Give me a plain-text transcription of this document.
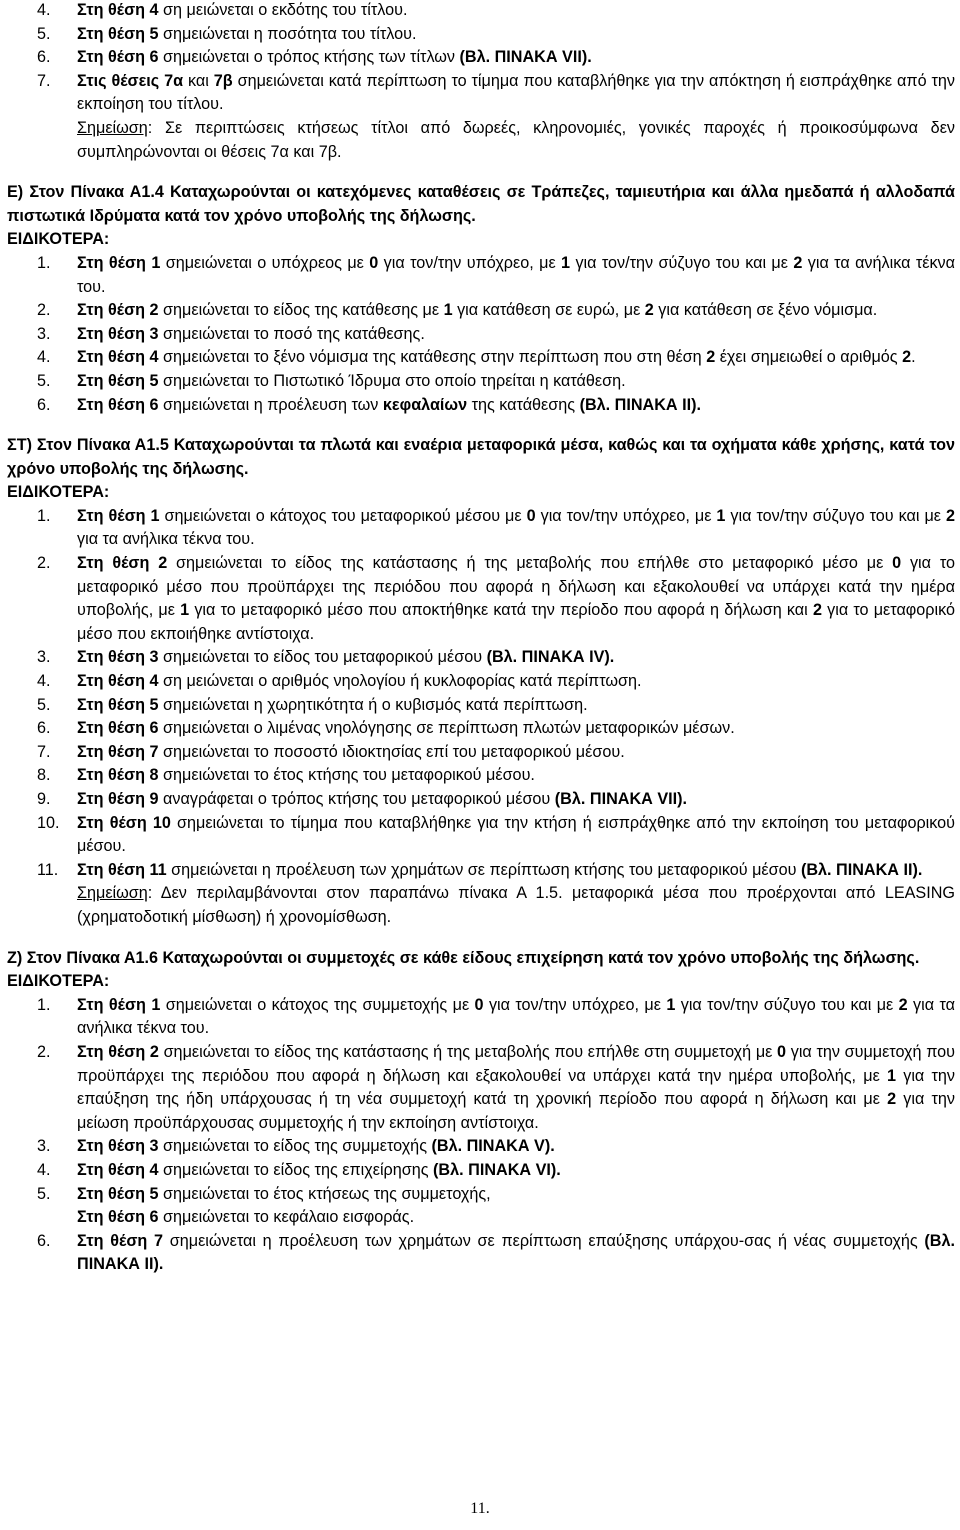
4.	Στη θέση 4 ση μειώνεται ο εκδότης του τίτλου.
5.	Στη θέση 5 σημειώνεται η ποσότητα του τίτλου.
6.	Στη θέση 6 σημειώνεται ο τρόπος κτήσης των τίτλων (Βλ. ΠΙΝΑΚΑ VII).
7.	Στις θέσεις 7α και 7β σημειώνεται κατά περίπτωση το τίμημα που καταβλήθηκε για την απόκτηση ή εισπράχθηκε από την εκποίηση του τίτλου.
Σημείωση: Σε περιπτώσεις κτήσεως τίτλοι από δωρεές, κληρονομιές, γονικές παροχές ή προικοσύμφωνα δεν συμπληρώνονται οι θέσεις 7α και 7β.
Ε) Στον Πίνακα Α1.4 Καταχωρούνται οι κατεχόμενες καταθέσεις σε Τράπεζες, ταμιευτήρια και άλλα ημεδαπά ή αλλοδαπά πιστωτικά Ιδρύματα κατά τον χρόνο υποβολής της δήλωσης.
ΕΙΔΙΚΟΤΕΡΑ:
1.	Στη θέση 1 σημειώνεται ο υπόχρεος με 0 για τον/την υπόχρεο, με 1 για τον/την σύζυγο του και με 2 για τα ανήλικα τέκνα του.
2.	Στη θέση 2 σημειώνεται το είδος της κατάθεσης με 1 για κατάθεση σε ευρώ, με 2 για κατάθεση σε ξένο νόμισμα.
3.	Στη θέση 3 σημειώνεται το ποσό της κατάθεσης.
4.	Στη θέση 4 σημειώνεται το ξένο νόμισμα της κατάθεσης στην περίπτωση που στη θέση 2 έχει σημειωθεί ο αριθμός 2.
5.	Στη θέση 5 σημειώνεται το Πιστωτικό Ίδρυμα στο οποίο τηρείται η κατάθεση.
6.	Στη θέση 6 σημειώνεται η προέλευση των κεφαλαίων της κατάθεσης (Βλ. ΠΙΝΑΚΑ ΙΙ).
ΣΤ) Στον Πίνακα Α1.5 Καταχωρούνται τα πλωτά και εναέρια μεταφορικά μέσα, καθώς και τα οχήματα κάθε χρήσης, κατά τον χρόνο υποβολής της δήλωσης.
ΕΙΔΙΚΟΤΕΡΑ:
1.	Στη θέση 1 σημειώνεται ο κάτοχος του μεταφορικού μέσου με 0 για τον/την υπόχρεο, με 1 για τον/την σύζυγο του και με 2 για τα ανήλικα τέκνα του.
2.	Στη θέση 2 σημειώνεται το είδος της κατάστασης ή της μεταβολής που επήλθε στο μεταφορικό μέσο με 0 για το μεταφορικό μέσο που προϋπάρχει της περιόδου που αφορά η δήλωση και εξακολουθεί να υπάρχει κατά την ημέρα υποβολής, με 1 για το μεταφορικό μέσο που αποκτήθηκε κατά την περίοδο που αφορά η δήλωση και 2 για το μεταφορικό μέσο που εκποιήθηκε αντίστοιχα.
3.	Στη θέση 3 σημειώνεται το είδος του μεταφορικού μέσου (Βλ. ΠΙΝΑΚΑ IV).
4.	Στη θέση 4 ση μειώνεται ο αριθμός νηολογίου ή κυκλοφορίας κατά περίπτωση.
5.	Στη θέση 5 σημειώνεται η χωρητικότητα ή ο κυβισμός κατά περίπτωση.
6.	Στη θέση 6 σημειώνεται ο λιμένας νηολόγησης σε περίπτωση πλωτών μεταφορικών μέσων.
7.	Στη θέση 7 σημειώνεται το ποσοστό ιδιοκτησίας επί του μεταφορικού μέσου.
8.	Στη θέση 8 σημειώνεται το έτος κτήσης του μεταφορικού μέσου.
9.	Στη θέση 9 αναγράφεται ο τρόπος κτήσης του μεταφορικού μέσου (Βλ. ΠΙΝΑΚΑ VII).
10.	Στη θέση 10 σημειώνεται το τίμημα που καταβλήθηκε για την κτήση ή εισπράχθηκε από την εκποίηση του μεταφορικού μέσου.
11.	Στη θέση 11 σημειώνεται η προέλευση των χρημάτων σε περίπτωση κτήσης του μεταφορικού μέσου (Βλ. ΠΙΝΑΚΑ ΙΙ).
Σημείωση: Δεν περιλαμβάνονται στον παραπάνω πίνακα Α 1.5. μεταφορικά μέσα που προέρχονται από LEASING (χρηματοδοτική μίσθωση) ή χρονομίσθωση.
Ζ) Στον Πίνακα Α1.6 Καταχωρούνται οι συμμετοχές σε κάθε είδους επιχείρηση κατά τον χρόνο υποβολής της δήλωσης.
ΕΙΔΙΚΟΤΕΡΑ:
1.	Στη θέση 1 σημειώνεται ο κάτοχος της συμμετοχής με 0 για τον/την υπόχρεο, με 1 για τον/την σύζυγο του και με 2 για τα ανήλικα τέκνα του.
2.	Στη θέση 2 σημειώνεται το είδος της κατάστασης ή της μεταβολής που επήλθε στη συμμετοχή με 0 για την συμμετοχή που προϋπάρχει της περιόδου που αφορά η δήλωση και εξακολουθεί να υπάρχει κατά την ημέρα υποβολής, με 1 για την επαύξηση της ήδη υπάρχουσας ή τη νέα συμμετοχή κατά τη χρονική περίοδο που αφορά η δήλωση και με 2 για την μείωση προϋπάρχουσας συμμετοχής ή την εκποίηση αντίστοιχα.
3.	Στη θέση 3 σημειώνεται το είδος της συμμετοχής (Βλ. ΠΙΝΑΚΑ V).
4.	Στη θέση 4 σημειώνεται το είδος της επιχείρησης (Βλ. ΠΙΝΑΚΑ VI).
5.	Στη θέση 5 σημειώνεται το έτος κτήσεως της συμμετοχής,
Στη θέση 6 σημειώνεται το κεφάλαιο εισφοράς.
6.	Στη θέση 7 σημειώνεται η προέλευση των χρημάτων σε περίπτωση επαύξησης υπάρχου-σας ή νέας συμμετοχής (Βλ. ΠΙΝΑΚΑ ΙΙ).
11.
